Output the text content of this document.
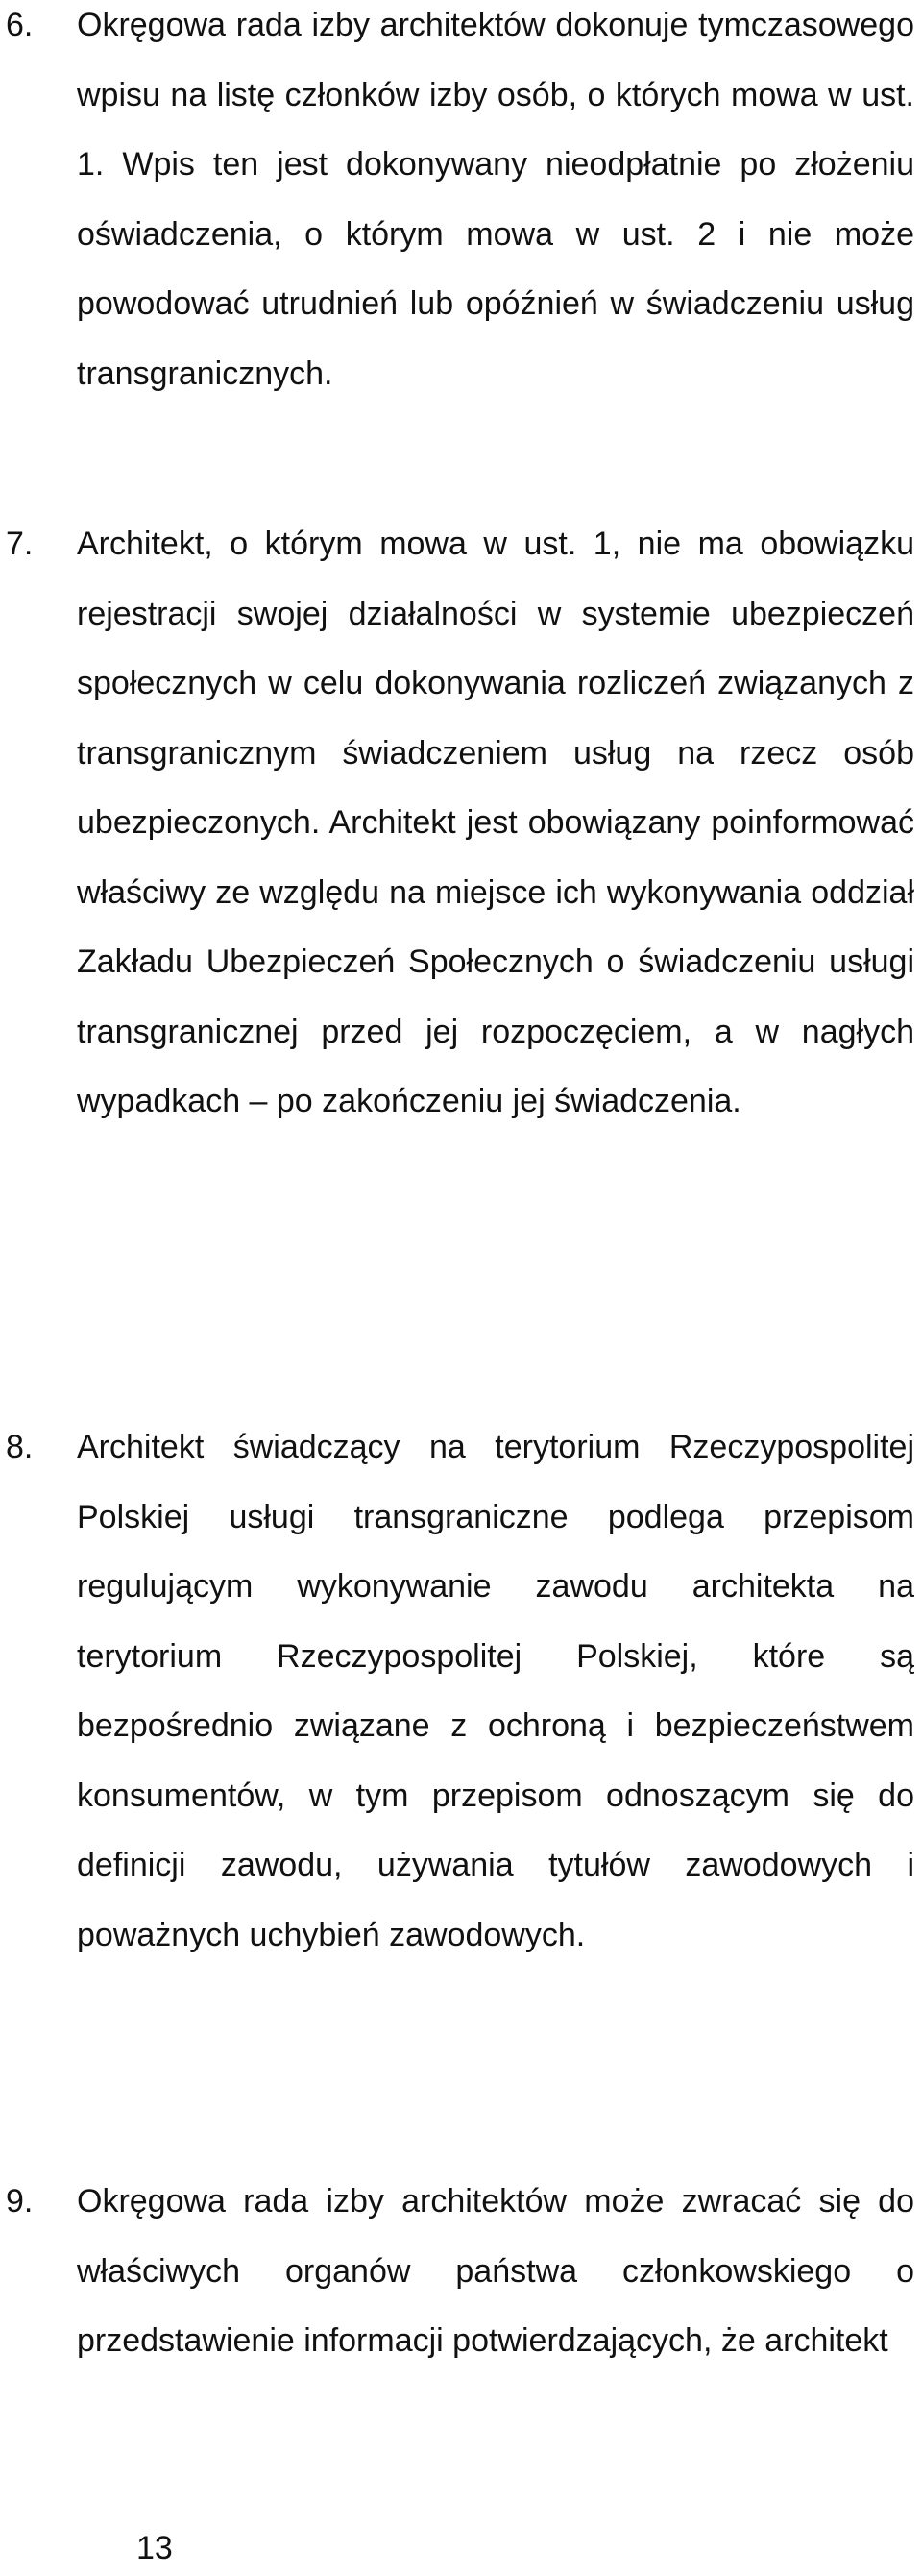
6. Okręgowa rada izby architektów dokonuje tymczasowego wpisu na listę członków izby osób, o których mowa w ust. 1. Wpis ten jest dokonywany nieodpłatnie po złożeniu oświadczenia, o którym mowa w ust. 2 i nie może powodować utrudnień lub opóźnień w świadczeniu usług transgranicznych.
7. Architekt, o którym mowa w ust. 1, nie ma obowiązku rejestracji swojej działalności w systemie ubezpieczeń społecznych w celu dokonywania rozliczeń związanych z transgranicznym świadczeniem usług na rzecz osób ubezpieczonych. Architekt jest obowiązany poinformować właściwy ze względu na miejsce ich wykonywania oddział Zakładu Ubezpieczeń Społecznych o świadczeniu usługi transgranicznej przed jej rozpoczęciem, a w nagłych wypadkach – po zakończeniu jej świadczenia.
8. Architekt świadczący na terytorium Rzeczypospolitej Polskiej usługi transgraniczne podlega przepisom regulującym wykonywanie zawodu architekta na terytorium Rzeczypospolitej Polskiej, które są bezpośrednio związane z ochroną i bezpieczeństwem konsumentów, w tym przepisom odnoszącym się do definicji zawodu, używania tytułów zawodowych i poważnych uchybień zawodowych.
9. Okręgowa rada izby architektów może zwracać się do właściwych organów państwa członkowskiego o przedstawienie informacji potwierdzających, że architekt
13
